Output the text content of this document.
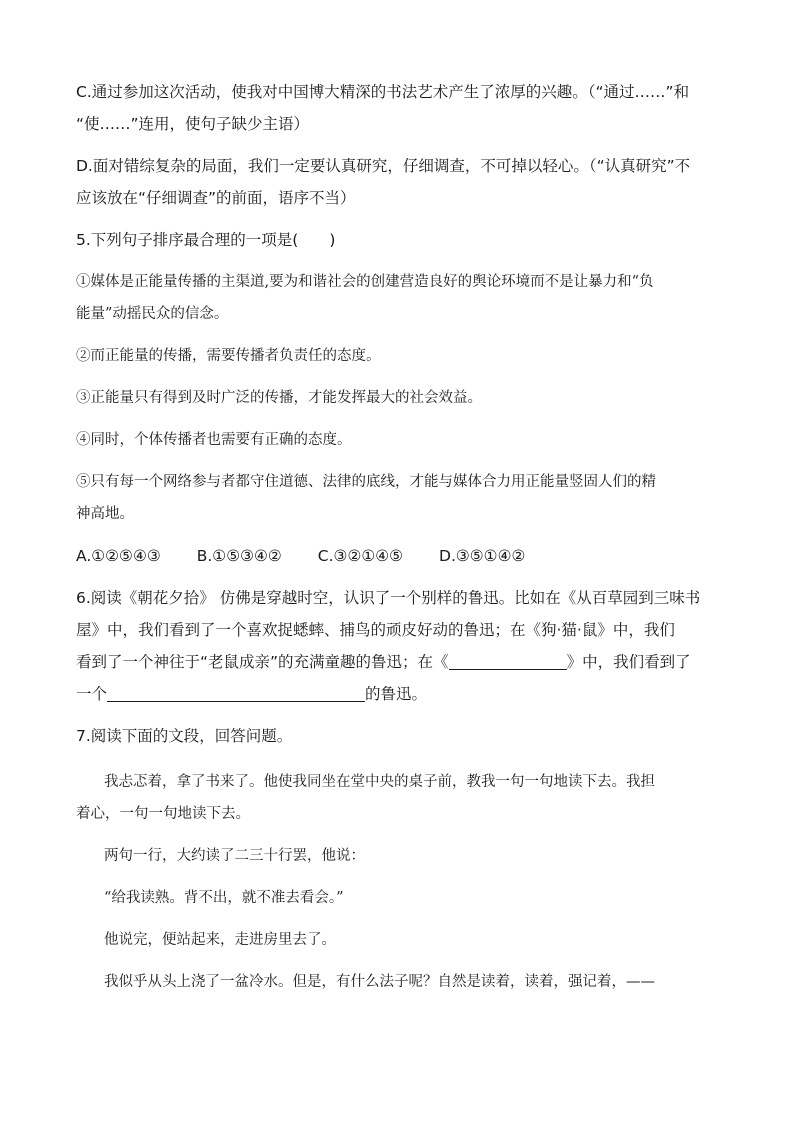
C.通过参加这次活动，使我对中国博大精深的书法艺术产生了浓厚的兴趣。（“通过……”和
“使……”连用，使句子缺少主语）
D.面对错综复杂的局面，我们一定要认真研究，仔细调查，不可掉以轻心。（“认真研究”不
应该放在“仔细调查”的前面，语序不当）
5.下列句子排序最合理的一项是(　　)
①媒体是正能量传播的主渠道,要为和谐社会的创建营造良好的舆论环境而不是让暴力和“负
能量”动摇民众的信念。
②而正能量的传播，需要传播者负责任的态度。
③正能量只有得到及时广泛的传播，才能发挥最大的社会效益。
④同时，个体传播者也需要有正确的态度。
⑤只有每一个网络参与者都守住道德、法律的底线，才能与媒体合力用正能量竖固人们的精
神高地。
A.①②⑤④③ B.①⑤③④② C.③②①④⑤ D.③⑤①④②
6.阅读《朝花夕拾》 仿佛是穿越时空，认识了一个别样的鲁迅。比如在《从百草园到三味书
屋》中，我们看到了一个喜欢捉蟋蟀、捕鸟的顽皮好动的鲁迅；在《狗·猫·鼠》中，我们
看到了一个神往于“老鼠成亲”的充满童趣的鲁迅；在《	》中，我们看到了
一个	的鲁迅。
7.阅读下面的文段，回答问题。
我忐忑着，拿了书来了。他使我同坐在堂中央的桌子前，教我一句一句地读下去。我担
着心，一句一句地读下去。
两句一行，大约读了二三十行罢，他说：
“给我读熟。背不出，就不准去看会。”
他说完，便站起来，走进房里去了。
我似乎从头上浇了一盆冷水。但是，有什么法子呢？自然是读着，读着，强记着，——
